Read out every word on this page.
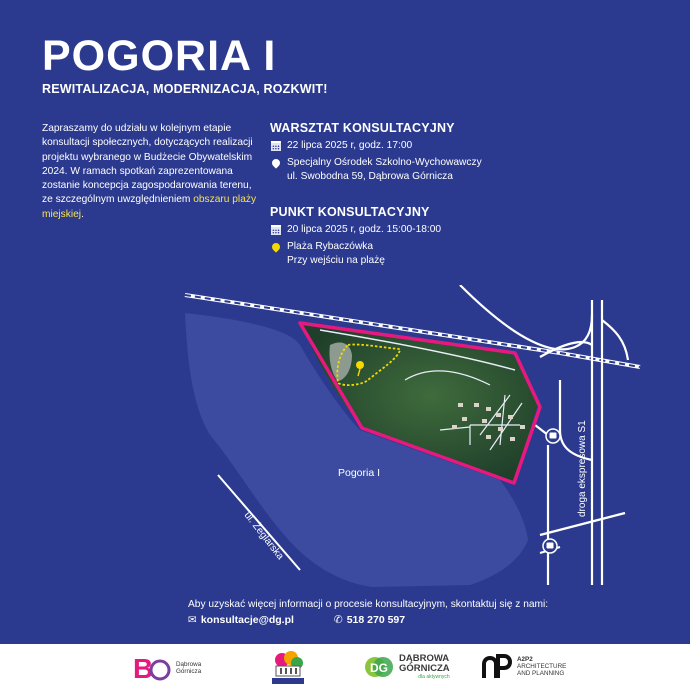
POGORIA I
REWITALIZACJA, MODERNIZACJA, ROZKWIT!
Zapraszamy do udziału w kolejnym etapie konsultacji społecznych, dotyczących realizacji projektu wybranego w Budżecie Obywatelskim 2024. W ramach spotkań zaprezentowana zostanie koncepcja zagospodarowania terenu, ze szczególnym uwzględnieniem obszaru plaży miejskiej.
WARSZTAT KONSULTACYJNY
22 lipca 2025 r, godz. 17:00
Specjalny Ośrodek Szkolno-Wychowawczy
ul. Swobodna 59, Dąbrowa Górnicza
PUNKT KONSULTACYJNY
20 lipca 2025 r, godz. 15:00-18:00
Plaża Rybaczówka
Przy wejściu na plażę
Pogoria I
ul. Żeglarska
droga ekspresowa S1
Aby uzyskać więcej informacji o procesie konsultacyjnym, skontaktuj się z nami:
✉ konsultacje@dg.pl	✆ 518 270 597
B	Dąbrowa
Górnicza	DG
DĄBROWA
GÓRNICZA
dla aktywnych
A2P2
ARCHITECTURE
AND PLANNING
